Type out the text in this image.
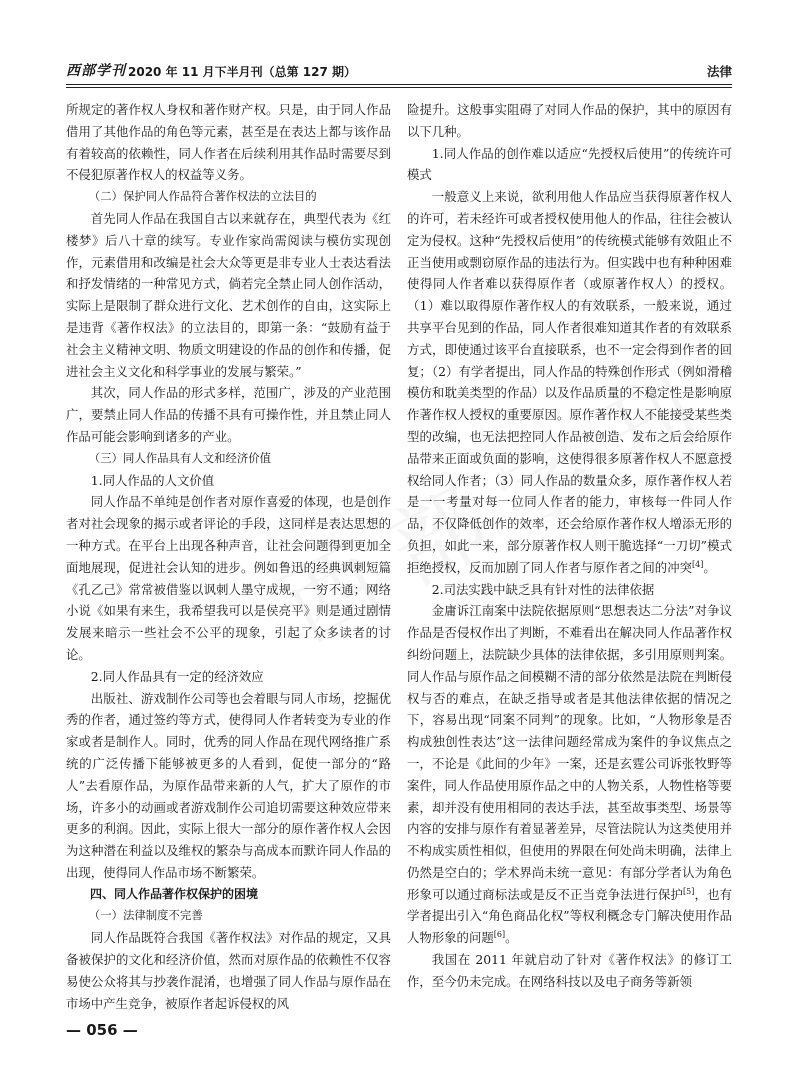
西部学刊 2020 年 11 月下半月刊（总第 127 期）	法律

所规定的著作权人身权和著作财产权。只是，由于同人作品借用了其他作品的角色等元素，甚至是在表达上都与该作品有着较高的依赖性，同人作者在后续利用其作品时需要尽到不侵犯原著作权人的权益等义务。

（二）保护同人作品符合著作权法的立法目的

首先同人作品在我国自古以来就存在，典型代表为《红楼梦》后八十章的续写。专业作家尚需阅读与模仿实现创作，元素借用和改编是社会大众等更是非专业人士表达看法和抒发情绪的一种常见方式，倘若完全禁止同人创作活动，实际上是限制了群众进行文化、艺术创作的自由，这实际上是违背《著作权法》的立法目的，即第一条：“鼓励有益于社会主义精神文明、物质文明建设的作品的创作和传播，促进社会主义文化和科学事业的发展与繁荣。”

其次，同人作品的形式多样，范围广，涉及的产业范围广，要禁止同人作品的传播不具有可操作性，并且禁止同人作品可能会影响到诸多的产业。

（三）同人作品具有人文和经济价值

1.同人作品的人文价值

同人作品不单纯是创作者对原作喜爱的体现，也是创作者对社会现象的揭示或者评论的手段，这同样是表达思想的一种方式。在平台上出现各种声音，让社会问题得到更加全面地展现，促进社会认知的进步。例如鲁迅的经典讽刺短篇《孔乙己》常常被借鉴以讽刺人墨守成规，一穷不通；网络小说《如果有来生，我希望我可以是侯亮平》则是通过剧情发展来暗示一些社会不公平的现象，引起了众多读者的讨论。

2.同人作品具有一定的经济效应

出版社、游戏制作公司等也会着眼与同人市场，挖掘优秀的作者，通过签约等方式，使得同人作者转变为专业的作家或者是制作人。同时，优秀的同人作品在现代网络推广系统的广泛传播下能够被更多的人看到，促使一部分的“路人”去看原作品，为原作品带来新的人气，扩大了原作的市场，许多小的动画或者游戏制作公司追切需要这种效应带来更多的利润。因此，实际上很大一部分的原作著作权人会因为这种潜在利益以及维权的繁杂与高成本而默许同人作品的出现，使得同人作品市场不断繁荣。

四、同人作品著作权保护的困境

（一）法律制度不完善

同人作品既符合我国《著作权法》对作品的规定，又具备被保护的文化和经济价值，然而对原作品的依赖性不仅容易使公众将其与抄袭作混淆，也增强了同人作品与原作品在市场中产生竞争，被原作者起诉侵权的风

险提升。这般事实阻碍了对同人作品的保护，其中的原因有以下几种。

1.同人作品的创作难以适应“先授权后使用”的传统许可模式

一般意义上来说，欲利用他人作品应当获得原著作权人的许可，若未经许可或者授权使用他人的作品，往往会被认定为侵权。这种“先授权后使用”的传统模式能够有效阻止不正当使用或剽窃原作品的违法行为。但实践中也有种种困难使得同人作者难以获得原作者（或原著作权人）的授权。（1）难以取得原作著作权人的有效联系，一般来说，通过共享平台见到的作品，同人作者很难知道其作者的有效联系方式，即使通过该平台直接联系，也不一定会得到作者的回复；（2）有学者提出，同人作品的特殊创作形式（例如滑稽模仿和耽美类型的作品）以及作品质量的不稳定性是影响原作著作权人授权的重要原因。原作著作权人不能接受某些类型的改编，也无法把控同人作品被创造、发布之后会给原作品带来正面或负面的影响，这使得很多原著作权人不愿意授权给同人作者；（3）同人作品的数量众多，原作著作权人若是一一考量对每一位同人作者的能力，审核每一件同人作品，不仅降低创作的效率，还会给原作著作权人增添无形的负担，如此一来，部分原著作权人则干脆选择“一刀切”模式拒绝授权，反而加剧了同人作者与原作者之间的冲突[4]。

2.司法实践中缺乏具有针对性的法律依据

金庸诉江南案中法院依据原则“思想表达二分法”对争议作品是否侵权作出了判断，不难看出在解决同人作品著作权纠纷问题上，法院缺少具体的法律依据，多引用原则判案。同人作品与原作品之间模糊不清的部分依然是法院在判断侵权与否的难点，在缺乏指导或者是其他法律依据的情况之下，容易出现“同案不同判”的现象。比如，“人物形象是否构成独创性表达”这一法律问题经常成为案件的争议焦点之一，不论是《此间的少年》一案，还是玄霆公司诉张牧野等案件，同人作品使用原作品之中的人物关系，人物性格等要素，却并没有使用相同的表达手法，甚至故事类型、场景等内容的安排与原作有着显著差异，尽管法院认为这类使用并不构成实质性相似，但使用的界限在何处尚未明确，法律上仍然是空白的；学术界尚未统一意见：有部分学者认为角色形象可以通过商标法或是反不正当竞争法进行保护[5]，也有学者提出引入“角色商品化权”等权利概念专门解决使用作品人物形象的问题[6]。

我国在 2011 年就启动了针对《著作权法》的修订工作，至今仍未完成。在网络科技以及电子商务等新领

— 056 —
